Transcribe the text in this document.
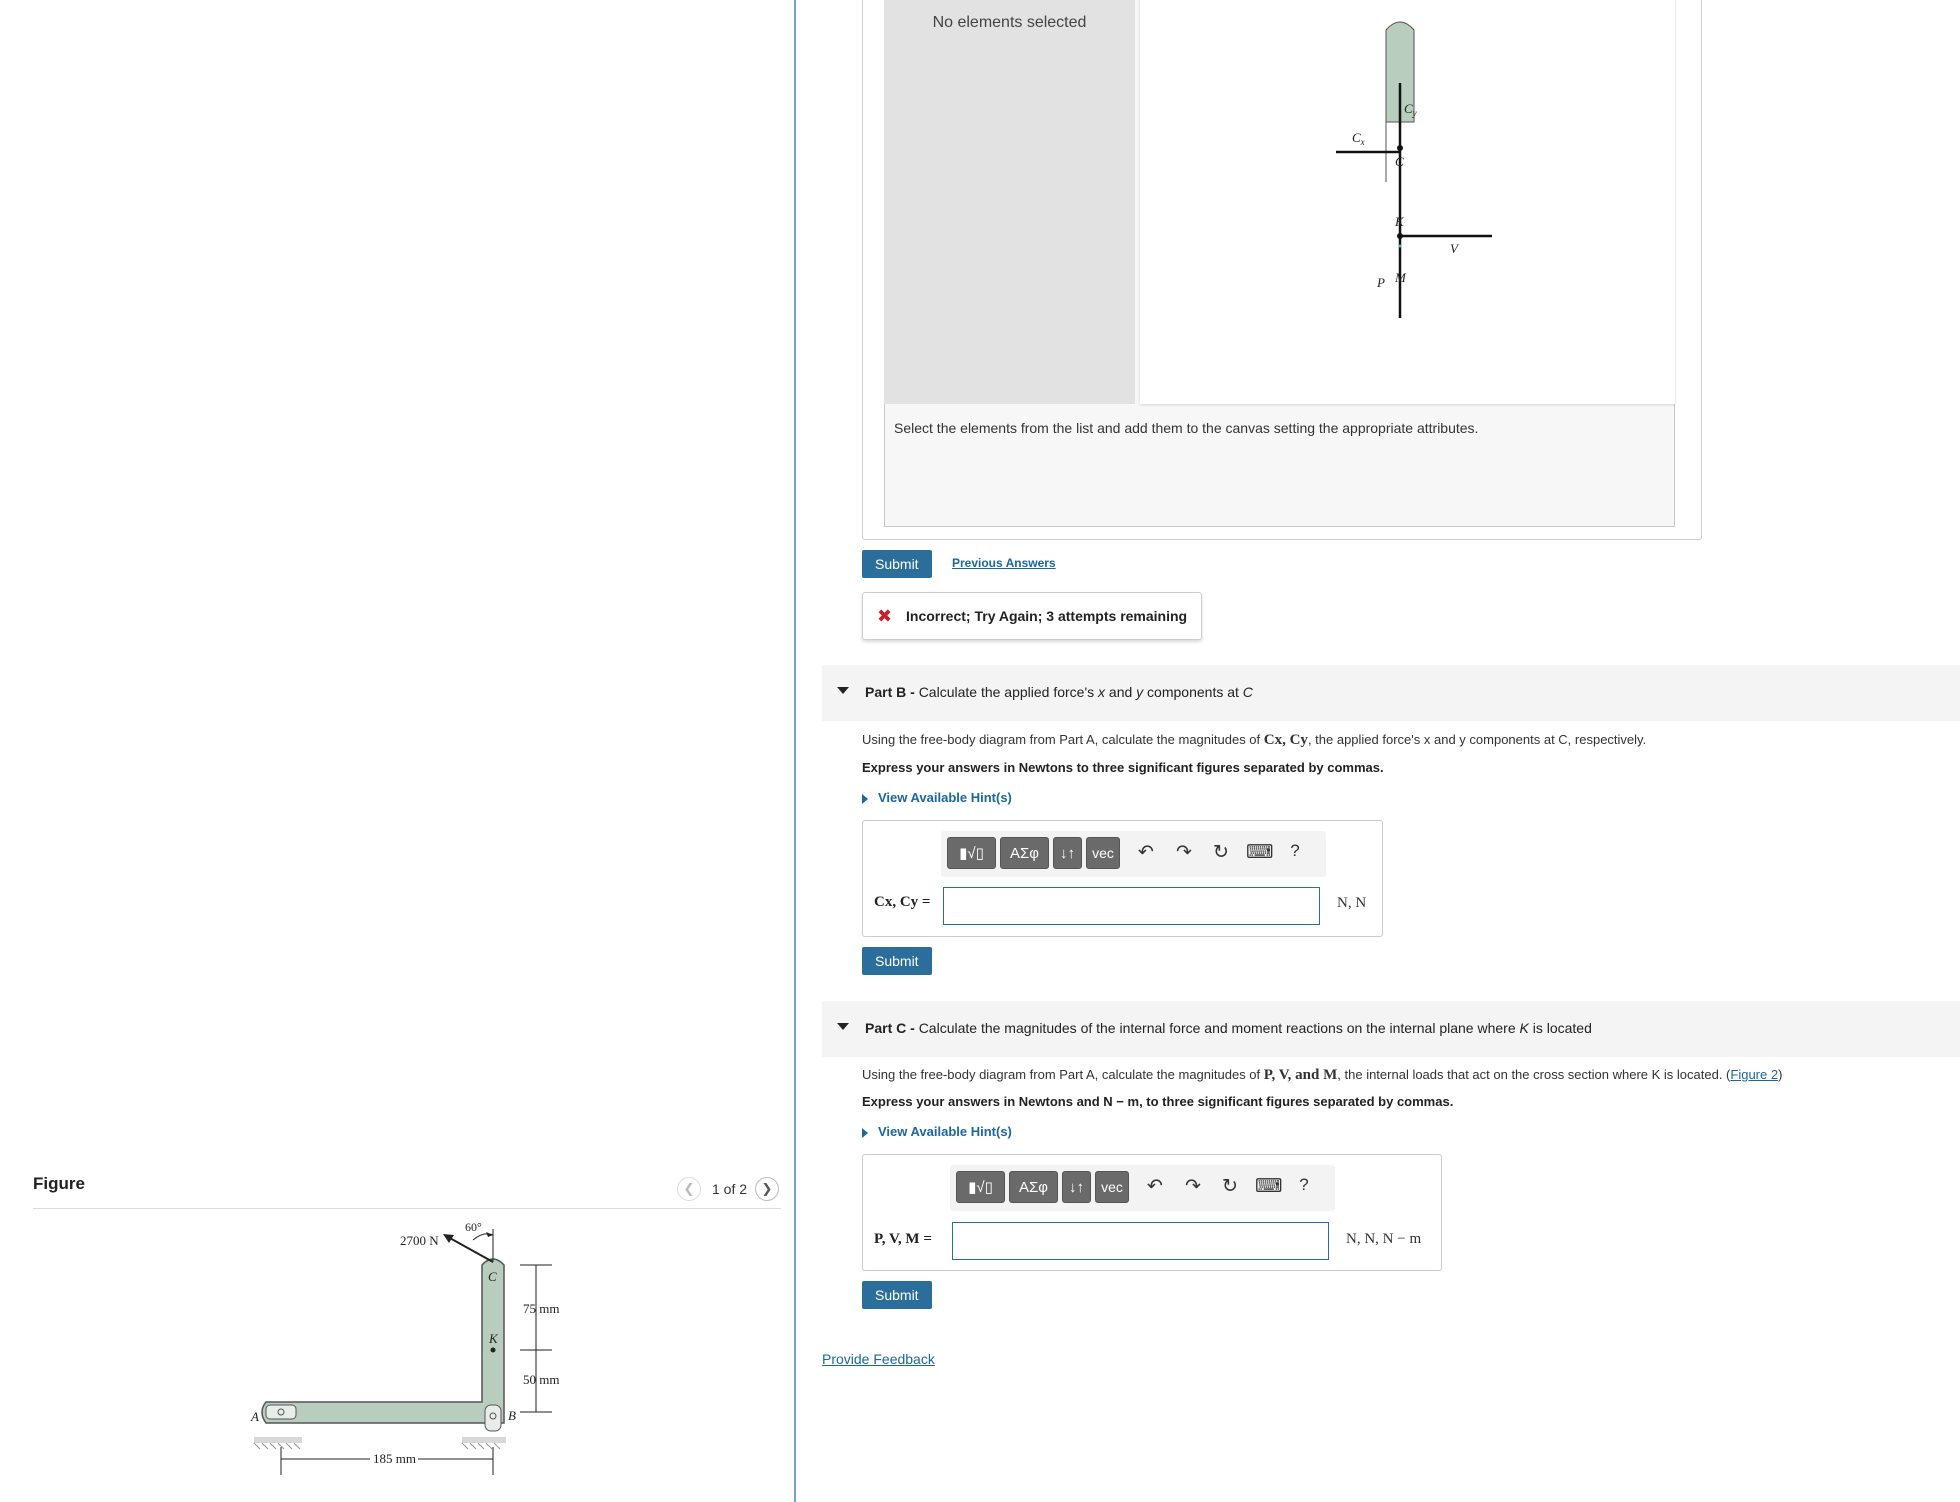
Figure	❮ 1 of 2 ❯
2700 N
60°
C
K
A	B
75 mm
50 mm
185 mm
No elements selected
$C_y$
$C_x$
C
K
V
P M
Select the elements from the list and add them to the canvas setting the appropriate attributes.
Submit	Previous Answers
✖ Incorrect; Try Again; 3 attempts remaining
Part B - Calculate the applied force's x and y components at C
Using the free-body diagram from Part A, calculate the magnitudes of Cx, Cy, the applied force's x and y components at C, respectively.
Express your answers in Newtons to three significant figures separated by commas.
View Available Hint(s)
▮√▯	ΑΣφ	↓↑	vec	↶ ↷ ↻ ⌨ ?
Cx, Cy =	N, N
Submit
Part C - Calculate the magnitudes of the internal force and moment reactions on the internal plane where K is located
Using the free-body diagram from Part A, calculate the magnitudes of P, V, and M, the internal loads that act on the cross section where K is located. (Figure 2)
Express your answers in Newtons and N − m, to three significant figures separated by commas.
View Available Hint(s)
▮√▯	ΑΣφ	↓↑	vec	↶ ↷ ↻ ⌨ ?
P, V, M =	N, N, N − m
Submit
Provide Feedback
